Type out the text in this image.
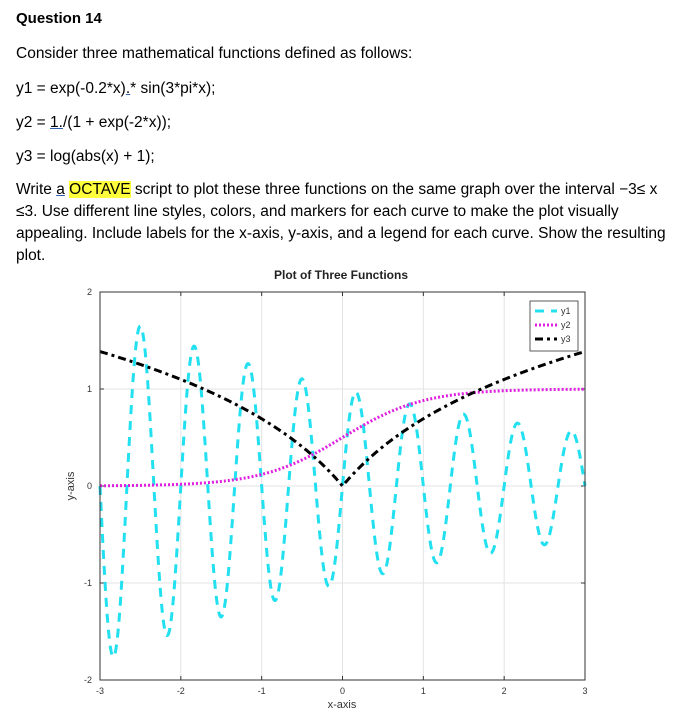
Question 14
Consider three mathematical functions defined as follows:
y1 = exp(-0.2*x).* sin(3*pi*x);
y2 = 1./(1 + exp(-2*x));
y3 = log(abs(x) + 1);
Write a OCTAVE script to plot these three functions on the same graph over the interval −3≤ x ≤3. Use different line styles, colors, and markers for each curve to make the plot visually appealing. Include labels for the x-axis, y-axis, and a legend for each curve. Show the resulting plot.
Plot of Three Functions
-3	-2	-1	0	1	2	3
-2
-1
0
1
2
x-axis
y-axis
y1
y2
y3
